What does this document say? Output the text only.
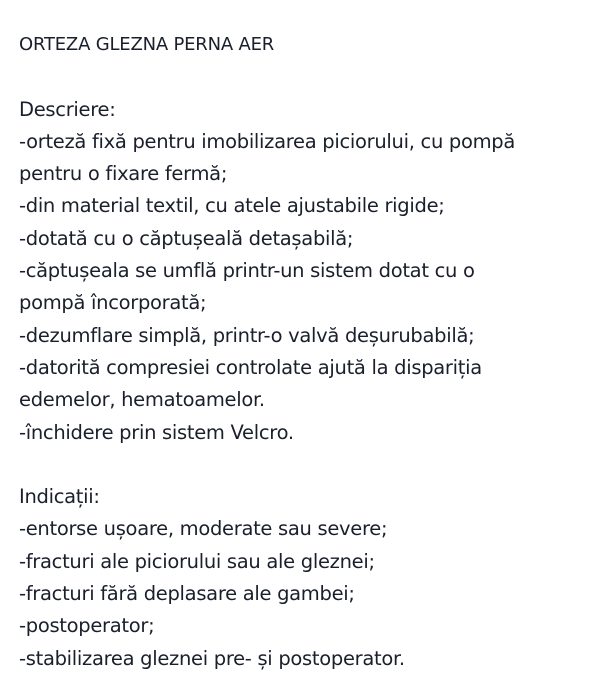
ORTEZA GLEZNA PERNA AER
Descriere:
-orteză fixă pentru imobilizarea piciorului, cu pompă
pentru o fixare fermă;
-din material textil, cu atele ajustabile rigide;
-dotată cu o căptușeală detașabilă;
-căptușeala se umflă printr-un sistem dotat cu o
pompă încorporată;
-dezumflare simplă, printr-o valvă deșurubabilă;
-datorită compresiei controlate ajută la dispariția
edemelor, hematoamelor.
-închidere prin sistem Velcro.
Indicații:
-entorse ușoare, moderate sau severe;
-fracturi ale piciorului sau ale gleznei;
-fracturi fără deplasare ale gambei;
-postoperator;
-stabilizarea gleznei pre- și postoperator.
